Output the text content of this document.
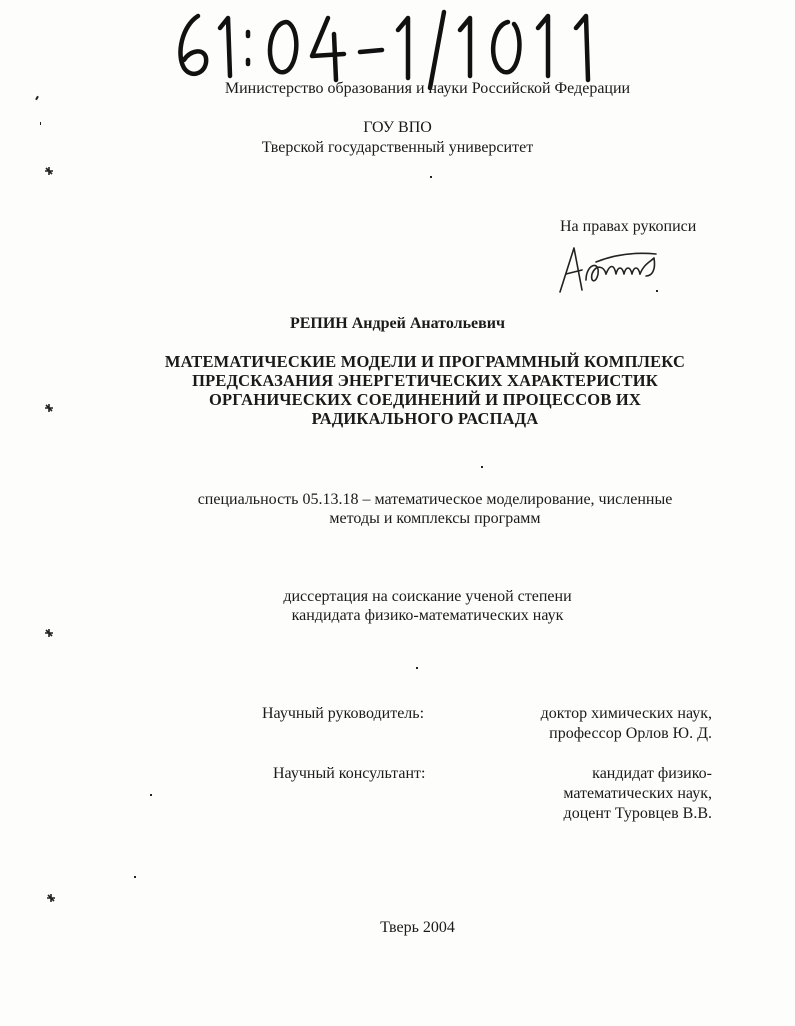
Министерство образования и науки Российской Федерации
ГОУ ВПО
Тверской государственный университет
На правах рукописи
РЕПИН Андрей Анатольевич
МАТЕМАТИЧЕСКИЕ МОДЕЛИ И ПРОГРАММНЫЙ КОМПЛЕКС
ПРЕДСКАЗАНИЯ ЭНЕРГЕТИЧЕСКИХ ХАРАКТЕРИСТИК
ОРГАНИЧЕСКИХ СОЕДИНЕНИЙ И ПРОЦЕССОВ ИХ
РАДИКАЛЬНОГО РАСПАДА
специальность 05.13.18 – математическое моделирование, численные
методы и комплексы программ
диссертация на соискание ученой степени
кандидата физико-математических наук
Научный руководитель:	доктор химических наук,
профессор Орлов Ю. Д.
Научный консультант:	кандидат физико-
математических наук,
доцент Туровцев В.В.
Тверь 2004
